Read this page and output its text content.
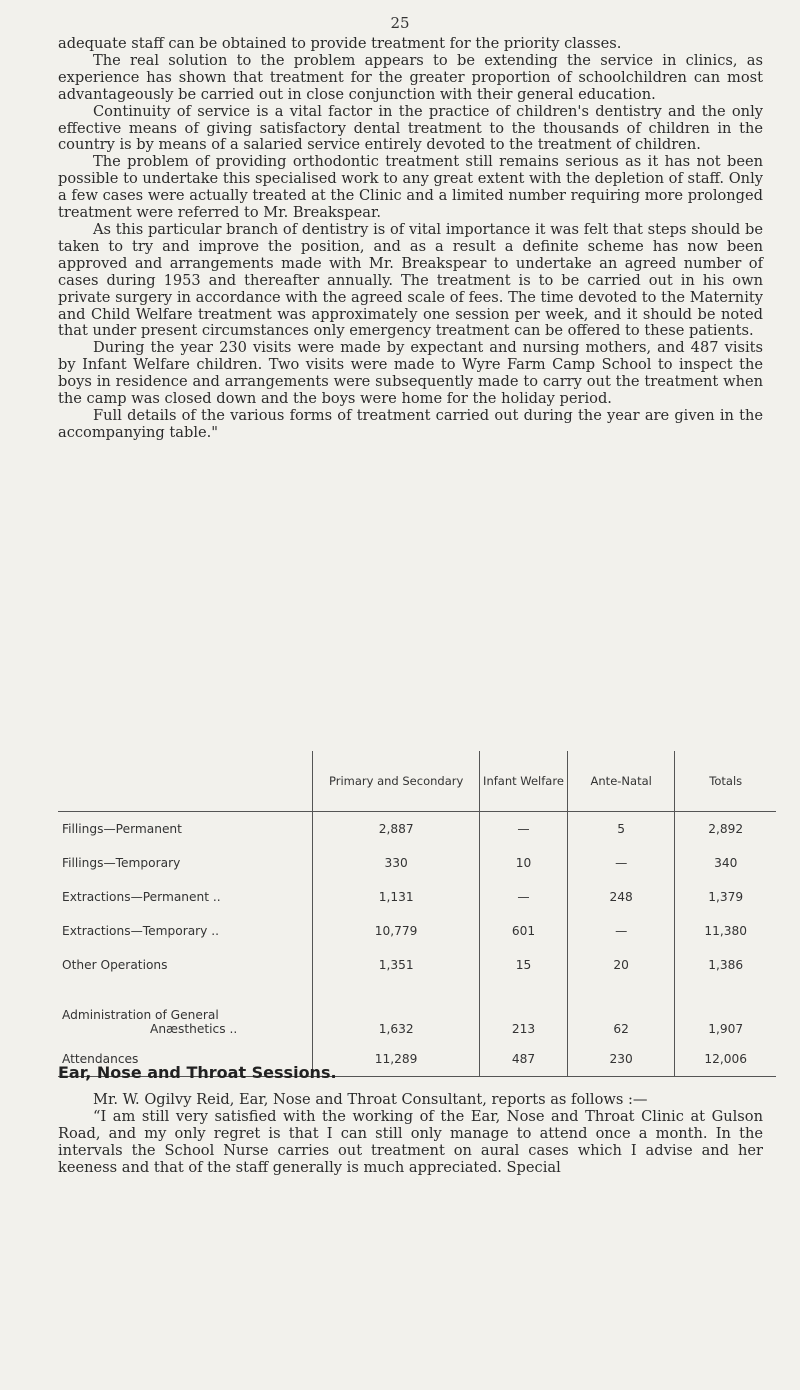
25

adequate staff can be obtained to provide treatment for the priority classes.

The real solution to the problem appears to be extending the service in clinics, as experience has shown that treatment for the greater proportion of schoolchildren can most advantageously be carried out in close conjunction with their general education.

Continuity of service is a vital factor in the practice of children's dentistry and the only effective means of giving satisfactory dental treatment to the thousands of children in the country is by means of a salaried service entirely devoted to the treatment of children.

The problem of providing orthodontic treatment still remains serious as it has not been possible to undertake this specialised work to any great extent with the depletion of staff. Only a few cases were actually treated at the Clinic and a limited number requiring more prolonged treatment were referred to Mr. Breakspear.

As this particular branch of dentistry is of vital importance it was felt that steps should be taken to try and improve the position, and as a result a definite scheme has now been approved and arrangements made with Mr. Breakspear to undertake an agreed number of cases during 1953 and thereafter annually. The treatment is to be carried out in his own private surgery in accordance with the agreed scale of fees. The time devoted to the Maternity and Child Welfare treatment was approximately one session per week, and it should be noted that under present circumstances only emergency treatment can be offered to these patients.

During the year 230 visits were made by expectant and nursing mothers, and 487 visits by Infant Welfare children. Two visits were made to Wyre Farm Camp School to inspect the boys in residence and arrangements were subsequently made to carry out the treatment when the camp was closed down and the boys were home for the holiday period.

Full details of the various forms of treatment carried out during the year are given in the accompanying table."

	Primary and Secondary	Infant Welfare	Ante-Natal	Totals
Fillings—Permanent	2,887	—	5	2,892
Fillings—Temporary	330	10	—	340
Extractions—Permanent ..	1,131	—	248	1,379
Extractions—Temporary ..	10,779	601	—	11,380
Other Operations	1,351	15	20	1,386
Administration of General
Anæsthetics ..	1,632	213	62	1,907
Attendances	11,289	487	230	12,006
Ear, Nose and Throat Sessions.

Mr. W. Ogilvy Reid, Ear, Nose and Throat Consultant, reports as follows :—

“I am still very satisfied with the working of the Ear, Nose and Throat Clinic at Gulson Road, and my only regret is that I can still only manage to attend once a month. In the intervals the School Nurse carries out treatment on aural cases which I advise and her keeness and that of the staff generally is much appreciated. Special
